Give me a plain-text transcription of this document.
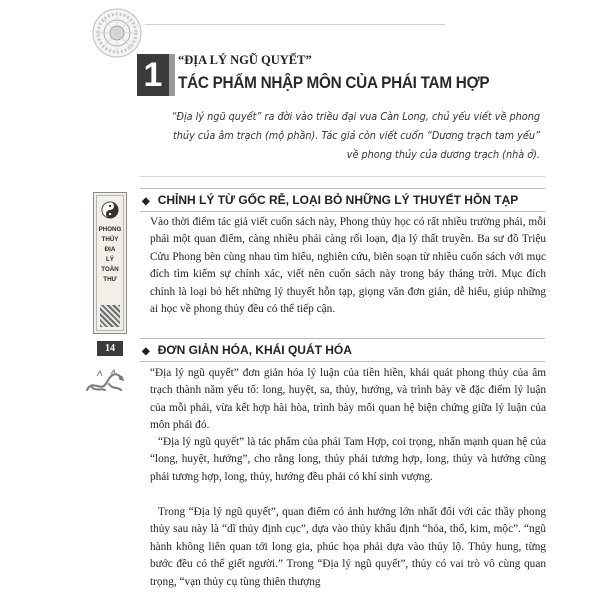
1	“ĐỊA LÝ NGŨ QUYẾT”
TÁC PHẨM NHẬP MÔN CỦA PHÁI TAM HỢP
“Địa lý ngũ quyết” ra đời vào triều đại vua Càn Long, chủ yếu viết về phong thủy của âm trạch (mộ phần). Tác giả còn viết cuốn “Dương trạch tam yếu” về phong thủy của dương trạch (nhà ở).
PHONG
THỦY
ĐỊA
LÝ
TOÀN
THƯ
14
◆ CHỈNH LÝ TỪ GỐC RỄ, LOẠI BỎ NHỮNG LÝ THUYẾT HỖN TẠP
Vào thời điểm tác giả viết cuốn sách này, Phong thủy học có rất nhiều trường phái, mỗi phái một quan điểm, càng nhiều phái càng rối loạn, địa lý thất truyền. Ba sư đồ Triệu Cửu Phong bèn cùng nhau tìm hiểu, nghiên cứu, biên soạn từ nhiều cuốn sách với mục đích tìm kiếm sự chính xác, viết nên cuốn sách này trong bảy tháng trời. Mục đích chính là loại bỏ hết những lý thuyết hỗn tạp, giọng văn đơn giản, dễ hiểu, giúp những ai học về phong thủy đều có thể tiếp cận.
◆ ĐƠN GIẢN HÓA, KHÁI QUÁT HÓA
“Địa lý ngũ quyết” đơn giản hóa lý luận của tiền hiền, khái quát phong thủy của âm trạch thành năm yếu tố: long, huyệt, sa, thủy, hướng, và trình bày về đặc điểm lý luận của mỗi phái, vừa kết hợp hài hòa, trình bày mối quan hệ biện chứng giữa lý luận của môn phái đó.
“Địa lý ngũ quyết” là tác phẩm của phái Tam Hợp, coi trọng, nhấn mạnh quan hệ của “long, huyệt, hướng”, cho rằng long, thủy phải tương hợp, long, thủy và hướng cũng phải tương hợp, long, thủy, hướng đều phải có khí sinh vượng.
Trong “Địa lý ngũ quyết”, quan điểm có ảnh hưởng lớn nhất đối với các thầy phong thủy sau này là “dĩ thủy định cục”, dựa vào thủy khẩu định “hỏa, thổ, kim, mộc”. “ngũ hành không liên quan tới long gia, phúc họa phải dựa vào thủy lộ. Thủy hung, từng bước đều có thể giết người.” Trong “Địa lý ngũ quyết”, thủy có vai trò vô cùng quan trọng, “vạn thủy cụ tùng thiên thượng
